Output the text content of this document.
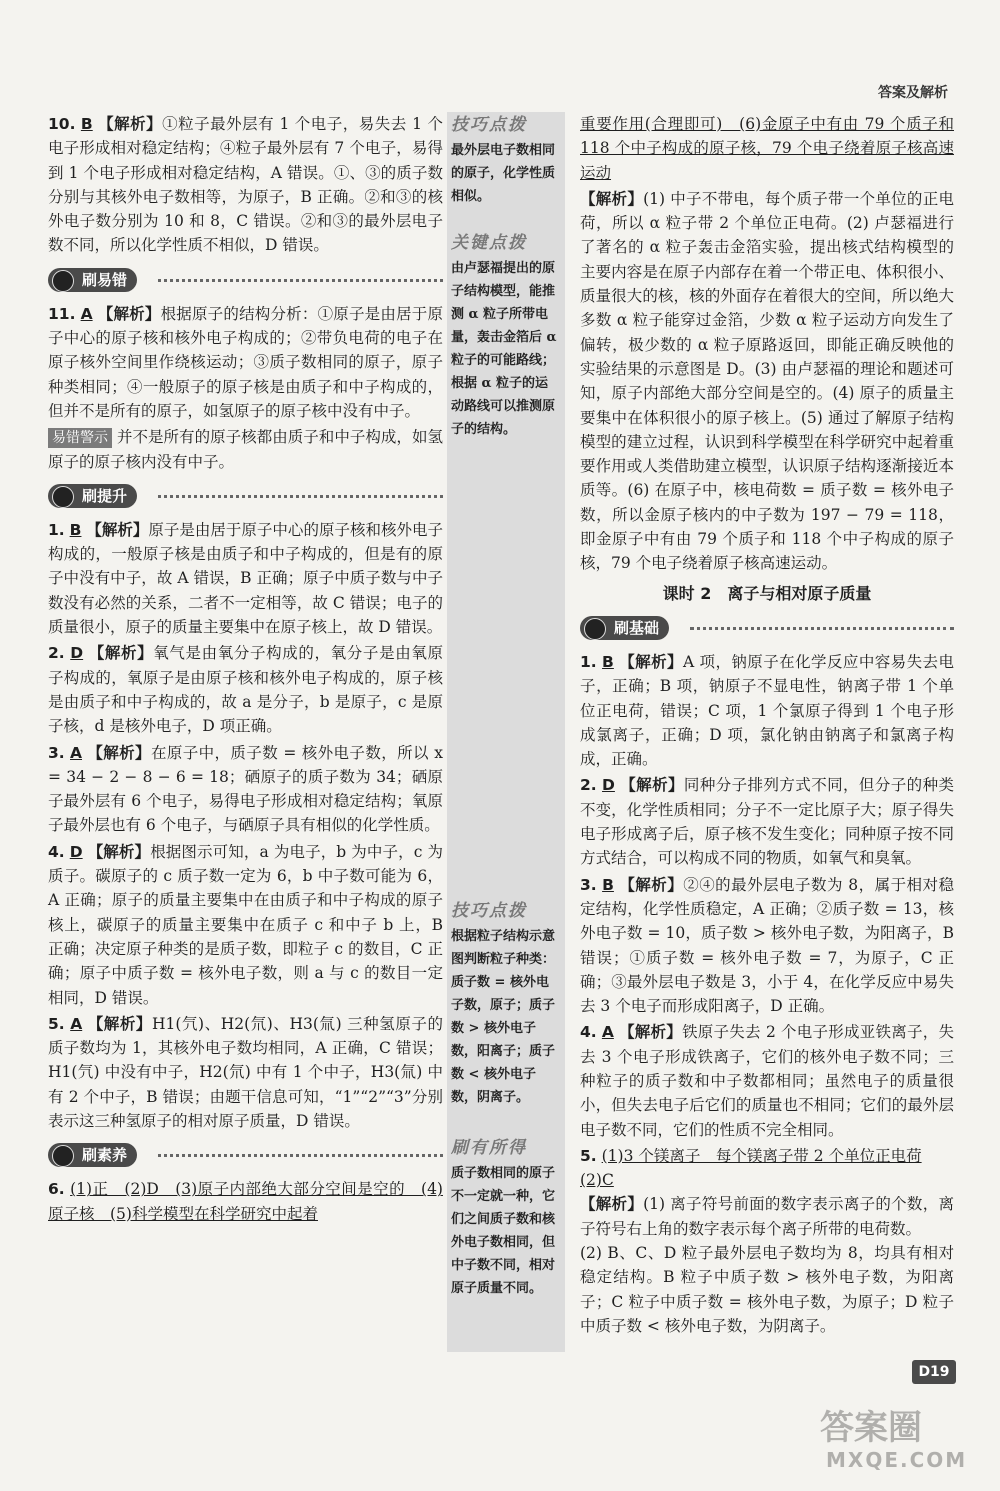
答案及解析

10. B 【解析】①粒子最外层有 1 个电子，易失去 1 个电子形成相对稳定结构；④粒子最外层有 7 个电子，易得到 1 个电子形成相对稳定结构，A 错误。①、③的质子数分别与其核外电子数相等，为原子，B 正确。②和③的核外电子数分别为 10 和 8，C 错误。②和③的最外层电子数不同，所以化学性质不相似，D 错误。

刷易错

11. A 【解析】根据原子的结构分析：①原子是由居于原子中心的原子核和核外电子构成的；②带负电荷的电子在原子核外空间里作绕核运动；③质子数相同的原子，原子种类相同；④一般原子的原子核是由质子和中子构成的，但并不是所有的原子，如氢原子的原子核中没有中子。

易错警示 并不是所有的原子核都由质子和中子构成，如氢原子的原子核内没有中子。

刷提升

1. B 【解析】原子是由居于原子中心的原子核和核外电子构成的，一般原子核是由质子和中子构成的，但是有的原子中没有中子，故 A 错误，B 正确；原子中质子数与中子数没有必然的关系，二者不一定相等，故 C 错误；电子的质量很小，原子的质量主要集中在原子核上，故 D 错误。

2. D 【解析】氧气是由氧分子构成的，氧分子是由氧原子构成的，氧原子是由原子核和核外电子构成的，原子核是由质子和中子构成的，故 a 是分子，b 是原子，c 是原子核，d 是核外电子，D 项正确。

3. A 【解析】在原子中，质子数 = 核外电子数，所以 x = 34 − 2 − 8 − 6 = 18；硒原子的质子数为 34；硒原子最外层有 6 个电子，易得电子形成相对稳定结构；氧原子最外层也有 6 个电子，与硒原子具有相似的化学性质。

4. D 【解析】根据图示可知，a 为电子，b 为中子，c 为质子。碳原子的 c 质子数一定为 6，b 中子数可能为 6，A 正确；原子的质量主要集中在由质子和中子构成的原子核上，碳原子的质量主要集中在质子 c 和中子 b 上，B 正确；决定原子种类的是质子数，即粒子 c 的数目，C 正确；原子中质子数 = 核外电子数，则 a 与 c 的数目一定相同，D 错误。

5. A 【解析】H1(氕)、H2(氘)、H3(氚) 三种氢原子的质子数均为 1，其核外电子数均相同，A 正确，C 错误；H1(氕) 中没有中子，H2(氘) 中有 1 个中子，H3(氚) 中有 2 个中子，B 错误；由题干信息可知，“1”“2”“3”分别表示这三种氢原子的相对原子质量，D 错误。

刷素养

6. (1)正　(2)D　(3)原子内部绝大部分空间是空的　(4)原子核　(5)科学模型在科学研究中起着

技巧点拨
最外层电子数相同的原子，化学性质相似。
关键点拨
由卢瑟福提出的原子结构模型，能推测 α 粒子所带电量，轰击金箔后 α 粒子的可能路线；根据 α 粒子的运动路线可以推测原子的结构。
技巧点拨
根据粒子结构示意图判断粒子种类：质子数 = 核外电子数，原子；质子数 > 核外电子数，阳离子；质子数 < 核外电子数，阴离子。
刷有所得
质子数相同的原子不一定就一种，它们之间质子数和核外电子数相同，但中子数不同，相对原子质量不同。

重要作用(合理即可)　(6)金原子中有由 79 个质子和 118 个中子构成的原子核，79 个电子绕着原子核高速运动

【解析】(1) 中子不带电，每个质子带一个单位的正电荷，所以 α 粒子带 2 个单位正电荷。(2) 卢瑟福进行了著名的 α 粒子轰击金箔实验，提出核式结构模型的主要内容是在原子内部存在着一个带正电、体积很小、质量很大的核，核的外面存在着很大的空间，所以绝大多数 α 粒子能穿过金箔，少数 α 粒子运动方向发生了偏转，极少数的 α 粒子原路返回，即能正确反映他的实验结果的示意图是 D。(3) 由卢瑟福的理论和题述可知，原子内部绝大部分空间是空的。(4) 原子的质量主要集中在体积很小的原子核上。(5) 通过了解原子结构模型的建立过程，认识到科学模型在科学研究中起着重要作用或人类借助建立模型，认识原子结构逐渐接近本质等。(6) 在原子中，核电荷数 = 质子数 = 核外电子数，所以金原子核内的中子数为 197 − 79 = 118，即金原子中有由 79 个质子和 118 个中子构成的原子核，79 个电子绕着原子核高速运动。

课时 2　离子与相对原子质量
刷基础

1. B 【解析】A 项，钠原子在化学反应中容易失去电子，正确；B 项，钠原子不显电性，钠离子带 1 个单位正电荷，错误；C 项，1 个氯原子得到 1 个电子形成氯离子，正确；D 项，氯化钠由钠离子和氯离子构成，正确。

2. D 【解析】同种分子排列方式不同，但分子的种类不变，化学性质相同；分子不一定比原子大；原子得失电子形成离子后，原子核不发生变化；同种原子按不同方式结合，可以构成不同的物质，如氧气和臭氧。

3. B 【解析】②④的最外层电子数为 8，属于相对稳定结构，化学性质稳定，A 正确；②质子数 = 13，核外电子数 = 10，质子数 > 核外电子数，为阳离子，B 错误；①质子数 = 核外电子数 = 7，为原子，C 正确；③最外层电子数是 3，小于 4，在化学反应中易失去 3 个电子而形成阳离子，D 正确。

4. A 【解析】铁原子失去 2 个电子形成亚铁离子，失去 3 个电子形成铁离子，它们的核外电子数不同；三种粒子的质子数和中子数都相同；虽然电子的质量很小，但失去电子后它们的质量也不相同；它们的最外层电子数不同，它们的性质不完全相同。

5. (1)3 个镁离子　每个镁离子带 2 个单位正电荷
(2)C
【解析】(1) 离子符号前面的数字表示离子的个数，离子符号右上角的数字表示每个离子所带的电荷数。
(2) B、C、D 粒子最外层电子数均为 8，均具有相对稳定结构。B 粒子中质子数 > 核外电子数，为阳离子；C 粒子中质子数 = 核外电子数，为原子；D 粒子中质子数 < 核外电子数，为阴离子。

D19
答案圈
MXQE.COM
